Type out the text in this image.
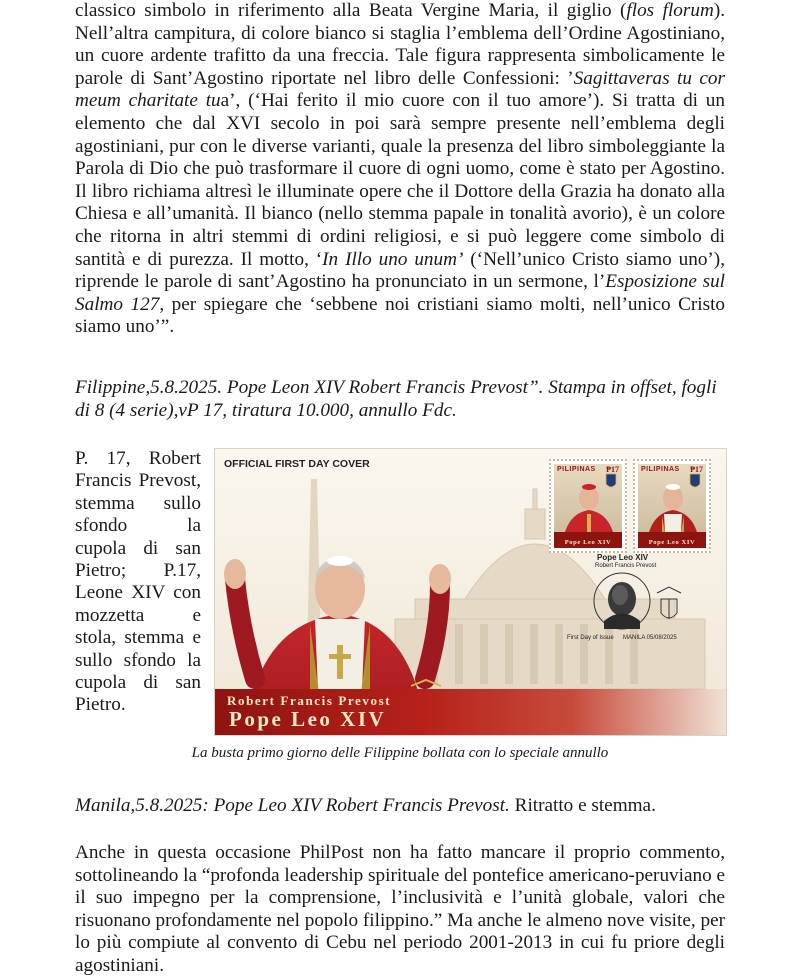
classico simbolo in riferimento alla Beata Vergine Maria, il giglio (flos florum). Nell’altra campitura, di colore bianco si staglia l’emblema dell’Ordine Agostiniano, un cuore ardente trafitto da una freccia. Tale figura rappresenta simbolicamente le parole di Sant’Agostino riportate nel libro delle Confessioni: ’Sagittaveras tu cor meum charitate tua’, (‘Hai ferito il mio cuore con il tuo amore’). Si tratta di un elemento che dal XVI secolo in poi sarà sempre presente nell’emblema degli agostiniani, pur con le diverse varianti, quale la presenza del libro simboleggiante la Parola di Dio che può trasformare il cuore di ogni uomo, come è stato per Agostino. Il libro richiama altresì le illuminate opere che il Dottore della Grazia ha donato alla Chiesa e all’umanità. Il bianco (nello stemma papale in tonalità avorio), è un colore che ritorna in altri stemmi di ordini religiosi, e si può leggere come simbolo di santità e di purezza. Il motto, ‘In Illo uno unum’ (‘Nell’unico Cristo siamo uno’), riprende le parole di sant’Agostino ha pronunciato in un sermone, l’Esposizione sul Salmo 127, per spiegare che ‘sebbene noi cristiani siamo molti, nell’unico Cristo siamo uno’”.

Filippine,5.8.2025. Pope Leon XIV Robert Francis Prevost”. Stampa in offset, fogli di 8 (4 serie),vP 17, tiratura 10.000, annullo Fdc.

P. 17, Robert Francis Prevost, stemma sullo sfondo la cupola di san Pietro; P.17, Leone XIV con mozzetta e stola, stemma e sullo sfondo la cupola di san Pietro.

OFFICIAL FIRST DAY COVER	PILIPINAS ₱17
Pope Leo XIV
PILIPINAS ₱17
Pope Leo XIV
Pope Leo XIV
Robert Francis Prevost
First Day of Issue MANILA 05/08/2025
Robert Francis Prevost
Pope Leo XIV
La busta primo giorno delle Filippine bollata con lo speciale annullo

Manila,5.8.2025: Pope Leo XIV Robert Francis Prevost. Ritratto e stemma.

Anche in questa occasione PhilPost non ha fatto mancare il proprio commento, sottolineando la “profonda leadership spirituale del pontefice americano-peruviano e il suo impegno per la comprensione, l’inclusività e l’unità globale, valori che risuonano profondamente nel popolo filippino.” Ma anche le almeno nove visite, per lo più compiute al convento di Cebu nel periodo 2001-2013 in cui fu priore degli agostiniani.
